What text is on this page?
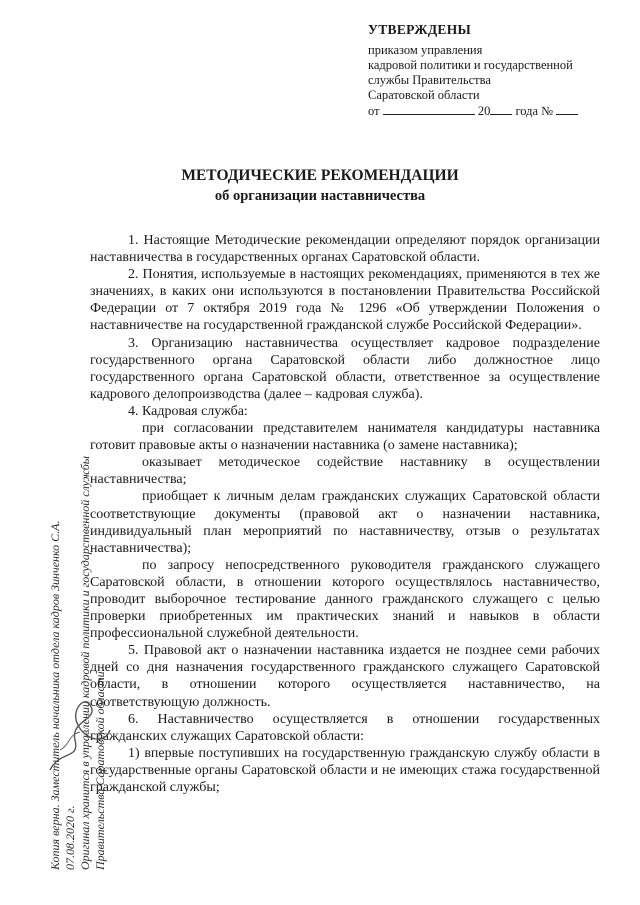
УТВЕРЖДЕНЫ
приказом управления
кадровой политики и государственной
службы Правительства
Саратовской области
от	20 года №
МЕТОДИЧЕСКИЕ РЕКОМЕНДАЦИИ
об организации наставничества

1. Настоящие Методические рекомендации определяют порядок организации наставничества в государственных органах Саратовской области.

2. Понятия, используемые в настоящих рекомендациях, применяются в тех же значениях, в каких они используются в постановлении Правительства Российской Федерации от 7 октября 2019 года № 1296 «Об утверждении Положения о наставничестве на государственной гражданской службе Российской Федерации».

3. Организацию наставничества осуществляет кадровое подразделение государственного органа Саратовской области либо должностное лицо государственного органа Саратовской области, ответственное за осуществление кадрового делопроизводства (далее – кадровая служба).

4. Кадровая служба:

при согласовании представителем нанимателя кандидатуры наставника готовит правовые акты о назначении наставника (о замене наставника);

оказывает методическое содействие наставнику в осуществлении наставничества;

приобщает к личным делам гражданских служащих Саратовской области соответствующие документы (правовой акт о назначении наставника, индивидуальный план мероприятий по наставничеству, отзыв о результатах наставничества);

по запросу непосредственного руководителя гражданского служащего Саратовской области, в отношении которого осуществлялось наставничество, проводит выборочное тестирование данного гражданского служащего с целью проверки приобретенных им практических знаний и навыков в области профессиональной служебной деятельности.

5. Правовой акт о назначении наставника издается не позднее семи рабочих дней со дня назначения государственного гражданского служащего Саратовской области, в отношении которого осуществляется наставничество, на соответствующую должность.

6. Наставничество осуществляется в отношении государственных гражданских служащих Саратовской области:

1) впервые поступивших на государственную гражданскую службу области в государственные органы Саратовской области и не имеющих стажа государственной гражданской службы;

Копия верна. Заместитель начальника отдела кадров Зинченко С.А. 07.08.2020 г. Оригинал хранится в управлении кадровой политики и государственной службы Правительства Саратовской области.
